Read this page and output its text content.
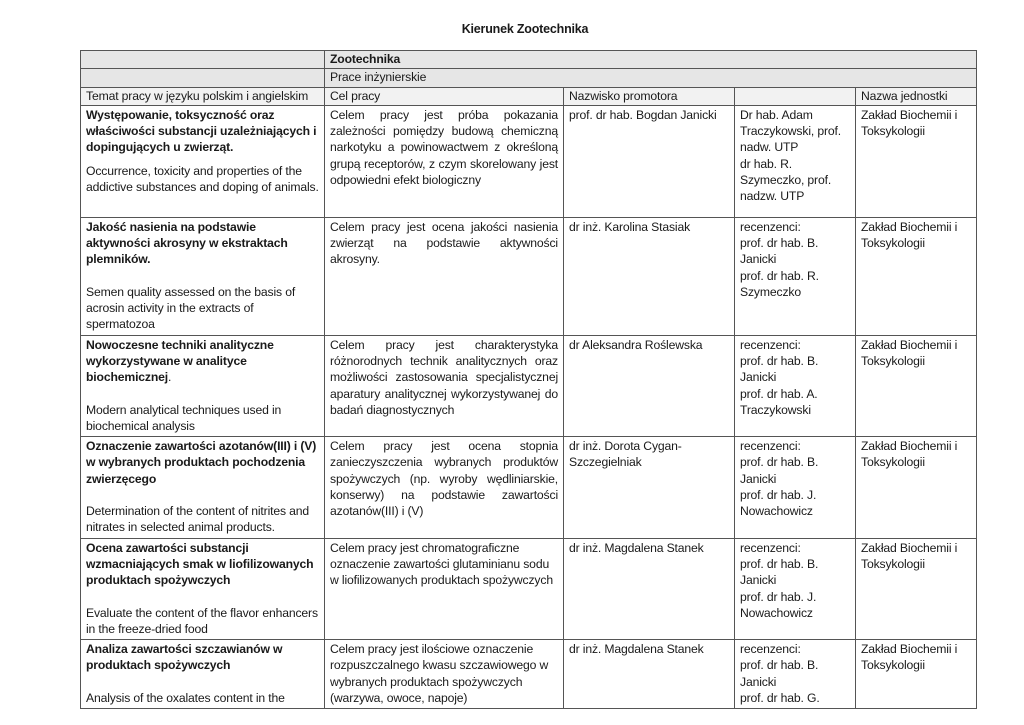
Kierunek Zootechnika
	Zootechnika			
	Prace inżynierskie			
Temat pracy w języku polskim i angielskim	Cel pracy	Nazwisko promotora		Nazwa jednostki

Występowanie, toksyczność oraz właściwości substancji uzależniających i dopingujących u zwierząt.
Occurrence, toxicity and properties of the addictive substances and doping of animals.	Celem pracy jest próba pokazania zależności pomiędzy budową chemiczną narkotyku a powinowactwem z określoną grupą receptorów, z czym skorelowany jest odpowiedni efekt biologiczny	prof. dr hab. Bogdan Janicki	Dr hab. Adam Traczykowski, prof. nadw. UTP
dr hab. R. Szymeczko, prof. nadzw. UTP	Zakład Biochemii i Toksykologii

Jakość nasienia na podstawie aktywności akrosyny w ekstraktach plemników.
Semen quality assessed on the basis of acrosin activity in the extracts of spermatozoa	Celem pracy jest ocena jakości nasienia zwierząt na podstawie aktywności akrosyny.	dr inż. Karolina Stasiak	recenzenci:
prof. dr hab. B. Janicki
prof. dr hab. R. Szymeczko	Zakład Biochemii i Toksykologii

Nowoczesne techniki analityczne wykorzystywane w analityce biochemicznej.
Modern analytical techniques used in biochemical analysis	Celem pracy jest charakterystyka różnorodnych technik analitycznych oraz możliwości zastosowania specjalistycznej aparatury analitycznej wykorzystywanej do badań diagnostycznych	dr Aleksandra Roślewska	recenzenci:
prof. dr hab. B. Janicki
prof. dr hab. A. Traczykowski	Zakład Biochemii i Toksykologii

Oznaczenie zawartości azotanów(III) i (V) w wybranych produktach pochodzenia zwierzęcego
Determination of the content of nitrites and nitrates in selected animal products.	Celem pracy jest ocena stopnia zanieczyszczenia wybranych produktów spożywczych (np. wyroby wędliniarskie, konserwy) na podstawie zawartości azotanów(III) i (V)	dr inż. Dorota Cygan-Szczegielniak	recenzenci:
prof. dr hab. B. Janicki
prof. dr hab. J. Nowachowicz	Zakład Biochemii i Toksykologii

Ocena zawartości substancji wzmacniających smak w liofilizowanych produktach spożywczych
Evaluate the content of the flavor enhancers in the freeze-dried food	Celem pracy jest chromatograficzne oznaczenie zawartości glutaminianu sodu w liofilizowanych produktach spożywczych	dr inż. Magdalena Stanek	recenzenci:
prof. dr hab. B. Janicki
prof. dr hab. J. Nowachowicz	Zakład Biochemii i Toksykologii

Analiza zawartości szczawianów w produktach spożywczych
Analysis of the oxalates content in the	Celem pracy jest ilościowe oznaczenie rozpuszczalnego kwasu szczawiowego w wybranych produktach spożywczych (warzywa, owoce, napoje)	dr inż. Magdalena Stanek	recenzenci:
prof. dr hab. B. Janicki
prof. dr hab. G.	Zakład Biochemii i Toksykologii
